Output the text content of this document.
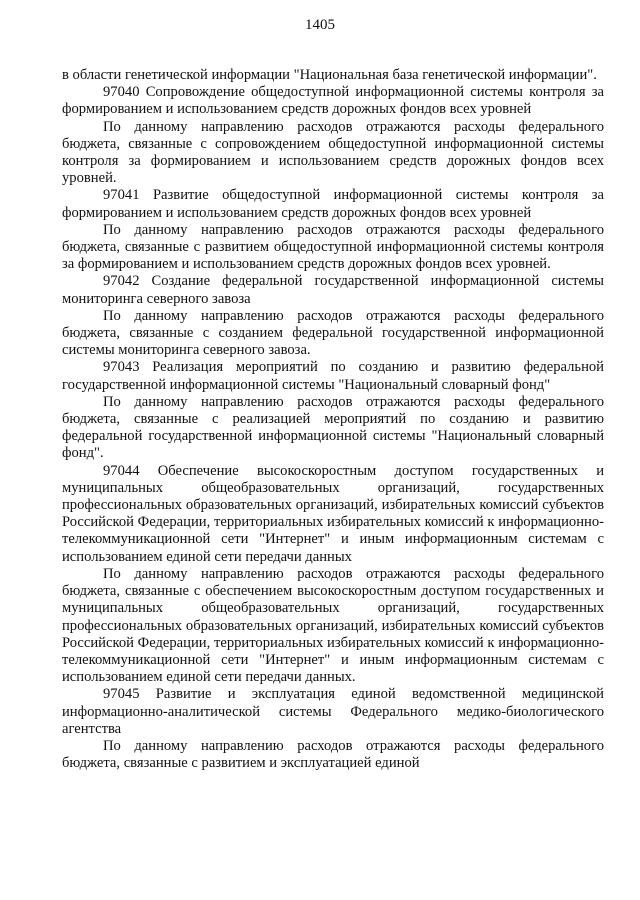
1405

в области генетической информации "Национальная база генетической информации".

97040 Сопровождение общедоступной информационной системы контроля за формированием и использованием средств дорожных фондов всех уровней

По данному направлению расходов отражаются расходы федерального бюджета, связанные с сопровождением общедоступной информационной системы контроля за формированием и использованием средств дорожных фондов всех уровней.

97041 Развитие общедоступной информационной системы контроля за формированием и использованием средств дорожных фондов всех уровней

По данному направлению расходов отражаются расходы федерального бюджета, связанные с развитием общедоступной информационной системы контроля за формированием и использованием средств дорожных фондов всех уровней.

97042 Создание федеральной государственной информационной системы мониторинга северного завоза

По данному направлению расходов отражаются расходы федерального бюджета, связанные с созданием федеральной государственной информационной системы мониторинга северного завоза.

97043 Реализация мероприятий по созданию и развитию федеральной государственной информационной системы "Национальный словарный фонд"

По данному направлению расходов отражаются расходы федерального бюджета, связанные с реализацией мероприятий по созданию и развитию федеральной государственной информационной системы "Национальный словарный фонд".

97044 Обеспечение высокоскоростным доступом государственных и муниципальных общеобразовательных организаций, государственных профессиональных образовательных организаций, избирательных комиссий субъектов Российской Федерации, территориальных избирательных комиссий к информационно-телекоммуникационной сети "Интернет" и иным информационным системам с использованием единой сети передачи данных

По данному направлению расходов отражаются расходы федерального бюджета, связанные с обеспечением высокоскоростным доступом государственных и муниципальных общеобразовательных организаций, государственных профессиональных образовательных организаций, избирательных комиссий субъектов Российской Федерации, территориальных избирательных комиссий к информационно-телекоммуникационной сети "Интернет" и иным информационным системам с использованием единой сети передачи данных.

97045 Развитие и эксплуатация единой ведомственной медицинской информационно-аналитической системы Федерального медико-биологического агентства

По данному направлению расходов отражаются расходы федерального бюджета, связанные с развитием и эксплуатацией единой
